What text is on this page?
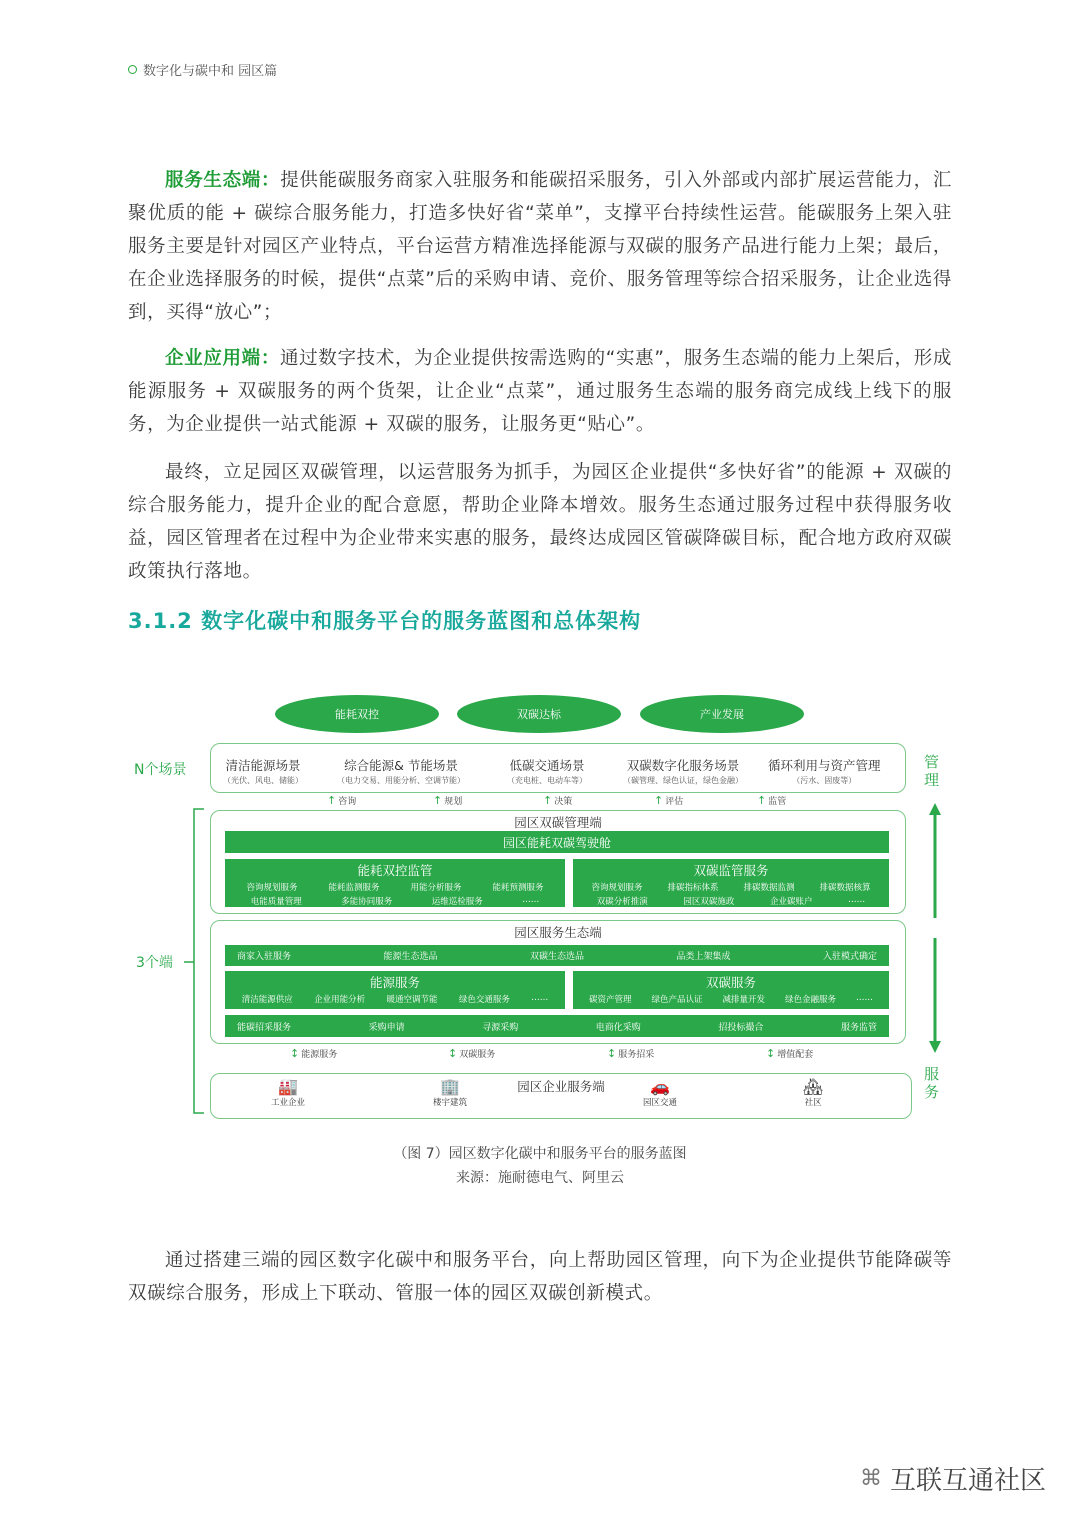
数字化与碳中和 园区篇

服务生态端：提供能碳服务商家入驻服务和能碳招采服务，引入外部或内部扩展运营能力，汇聚优质的能 + 碳综合服务能力，打造多快好省“菜单”，支撑平台持续性运营。能碳服务上架入驻服务主要是针对园区产业特点，平台运营方精准选择能源与双碳的服务产品进行能力上架；最后，在企业选择服务的时候，提供“点菜”后的采购申请、竞价、服务管理等综合招采服务，让企业选得到，买得“放心”；

企业应用端：通过数字技术，为企业提供按需选购的“实惠”，服务生态端的能力上架后，形成能源服务 + 双碳服务的两个货架，让企业“点菜”，通过服务生态端的服务商完成线上线下的服务，为企业提供一站式能源 + 双碳的服务，让服务更“贴心”。

最终，立足园区双碳管理，以运营服务为抓手，为园区企业提供“多快好省”的能源 + 双碳的综合服务能力，提升企业的配合意愿，帮助企业降本增效。服务生态通过服务过程中获得服务收益，园区管理者在过程中为企业带来实惠的服务，最终达成园区管碳降碳目标，配合地方政府双碳政策执行落地。

3.1.2 数字化碳中和服务平台的服务蓝图和总体架构
能耗双控	双碳达标	产业发展
N个场景
3个端
管理
服务
清洁能源场景
（光伏、风电、储能）
综合能源& 节能场景
（电力交易、用能分析、空调节能）
低碳交通场景
（充电桩、电动车等）
双碳数字化服务场景
（碳管理、绿色认证，绿色金融）
循环利用与资产管理
（污水、固废等）
↑ 咨询	↑ 规划	↑ 决策	↑ 评估	↑ 监管
园区双碳管理端
园区能耗双碳驾驶舱
能耗双控监管
咨询规划服务	能耗监测服务	用能分析服务	能耗预测服务
电能质量管理	多能协同服务	运维巡检服务	……
双碳监管服务
咨询规划服务	排碳指标体系	排碳数据监测	排碳数据核算
双碳分析推演	园区双碳施政	企业碳账户	……
园区服务生态端
商家入驻服务	能源生态选品	双碳生态选品	品类上架集成	入驻模式确定
能源服务
清洁能源供应	企业用能分析	暖通空调节能	绿色交通服务	……
双碳服务
碳资产管理 绿色产品认证 减排量开发 绿色金融服务 ……
能碳招采服务	采购申请	寻源采购	电商化采购	招投标撮合	服务监管
↕ 能源服务	↕ 双碳服务	↕ 服务招采	↕ 增值配套
园区企业服务端
🏭
工业企业
🏢
楼宇建筑
🚗
园区交通
🏘
社区
（图 7）园区数字化碳中和服务平台的服务蓝图
来源：施耐德电气、阿里云

通过搭建三端的园区数字化碳中和服务平台，向上帮助园区管理，向下为企业提供节能降碳等双碳综合服务，形成上下联动、管服一体的园区双碳创新模式。

⌘ 互联互通社区
